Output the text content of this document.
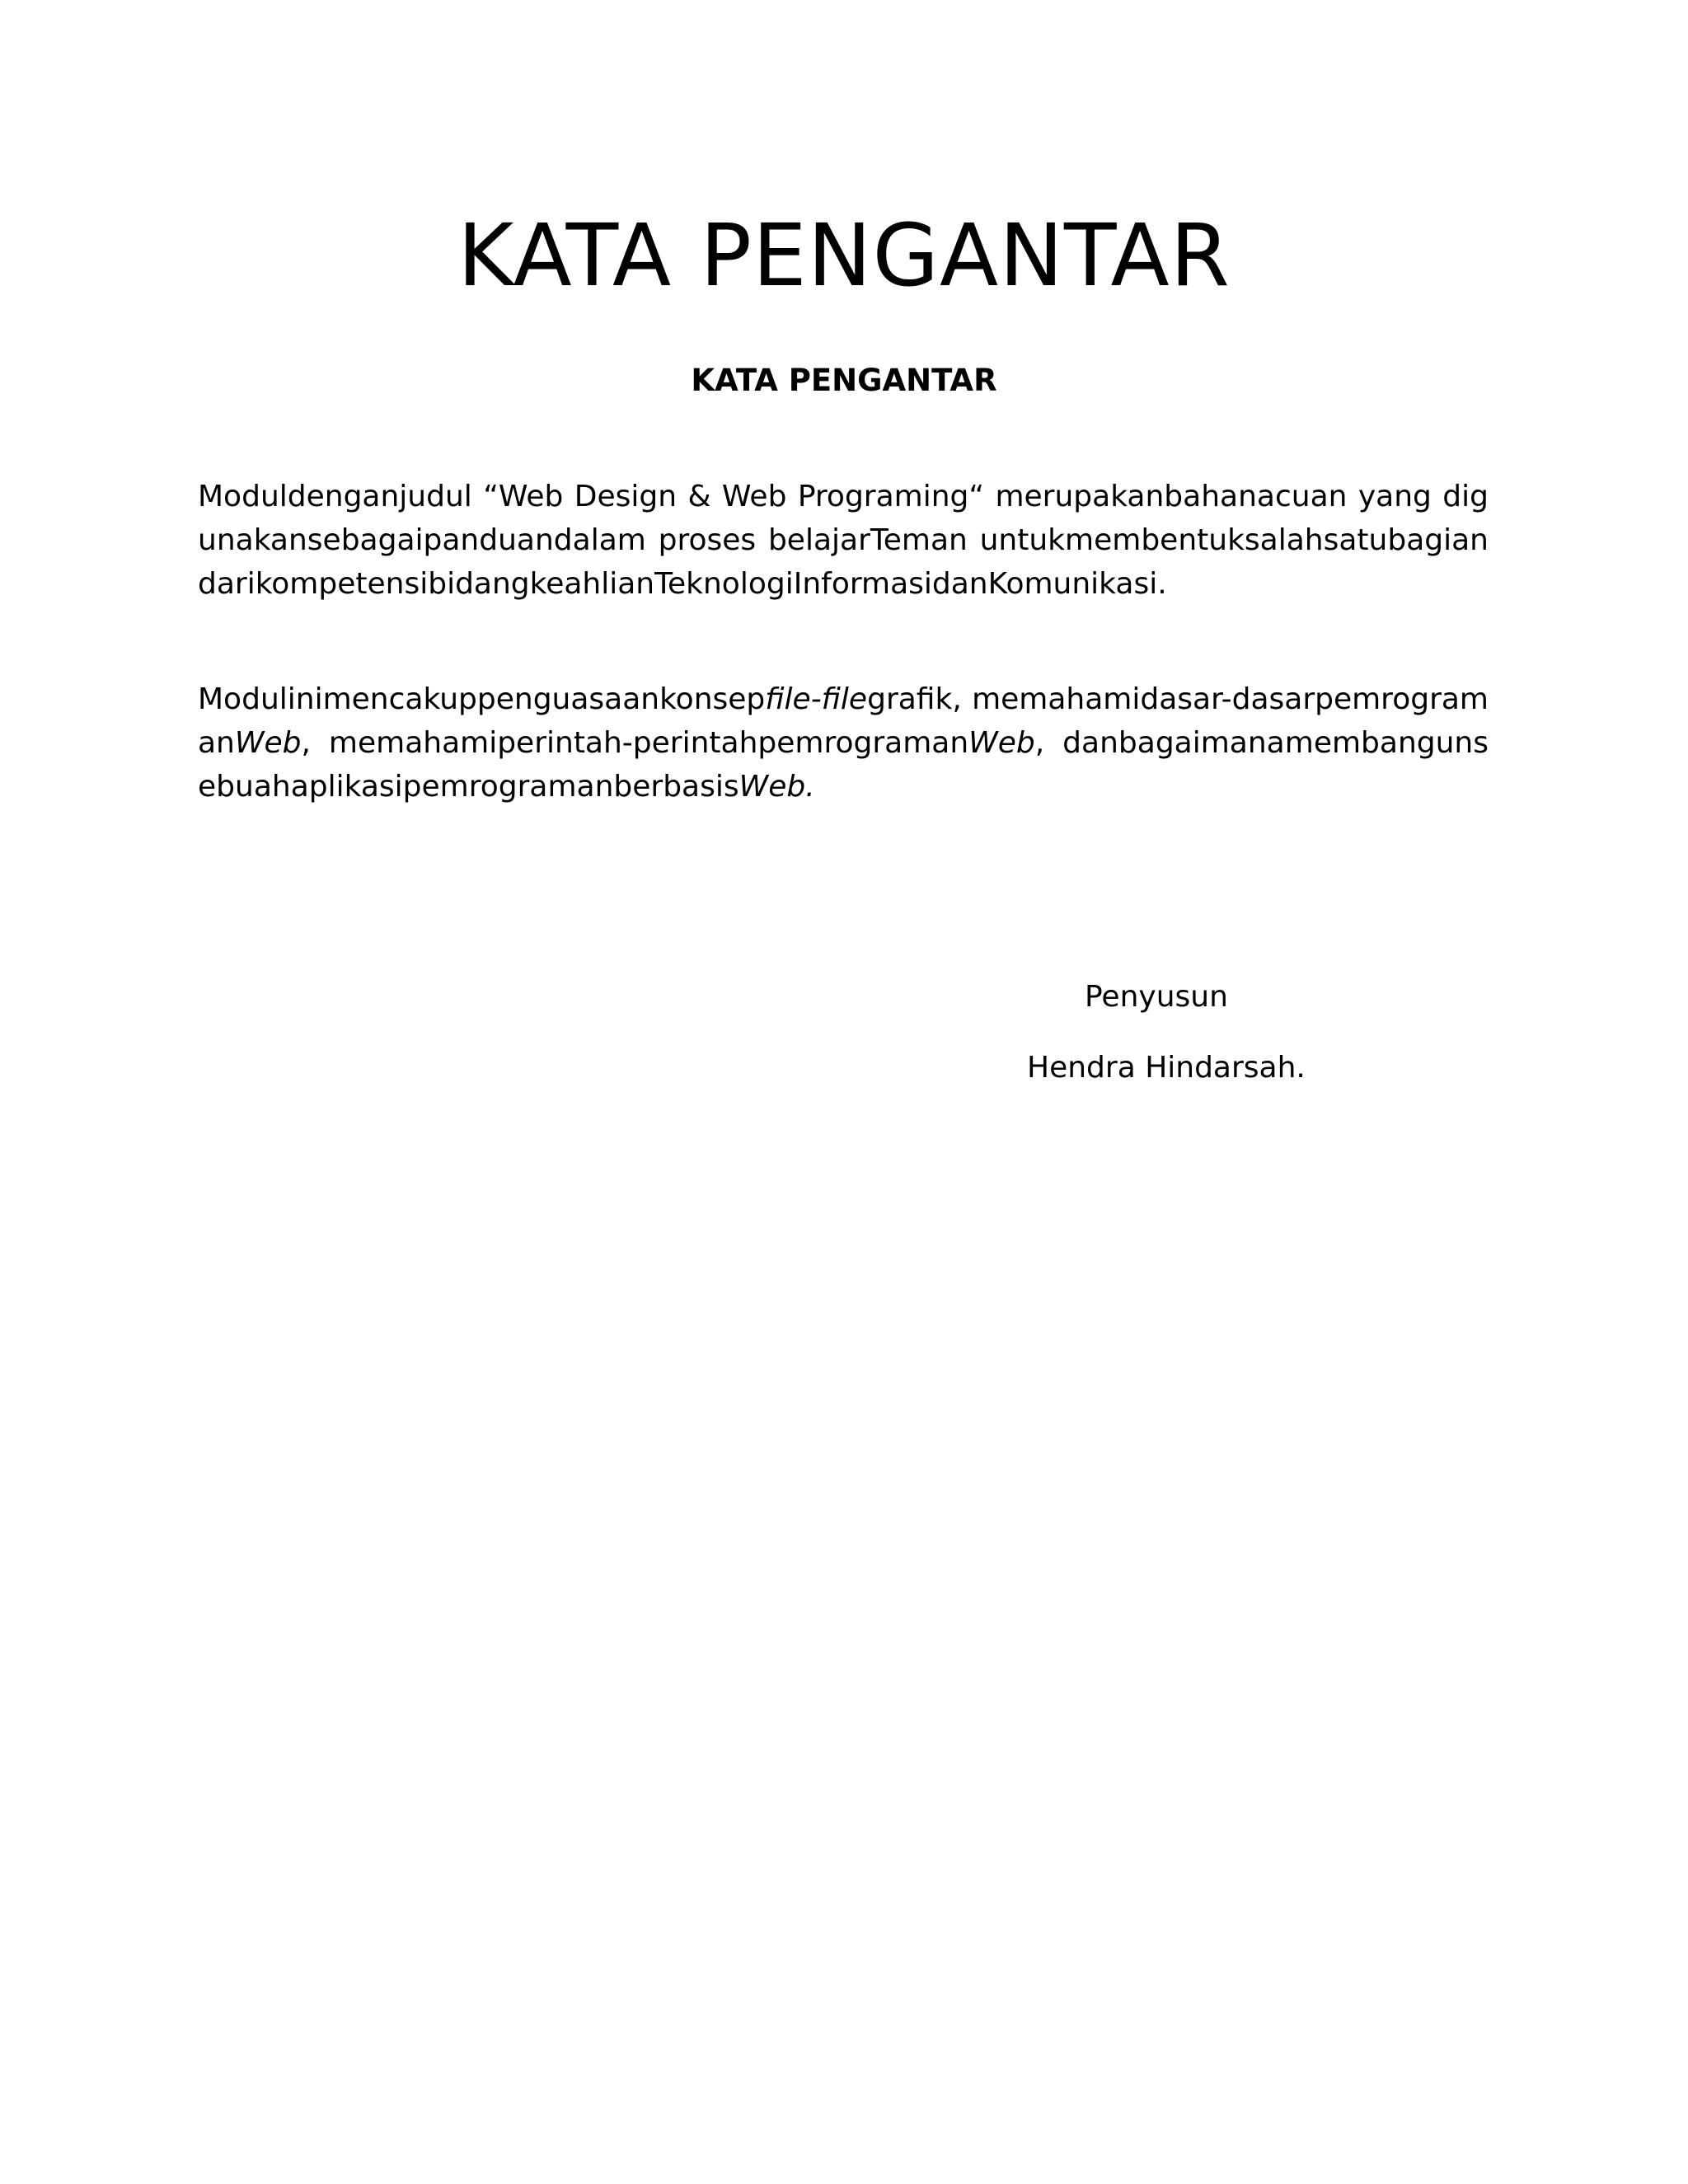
KATA PENGANTAR
KATA PENGANTAR

Moduldenganjudul “Web Design & Web Programing“ merupakanbahanacuan yang digunakansebagaipanduandalam proses belajarTeman untukmembentuksalahsatubagiandarikompetensibidangkeahlianTeknologiInformasidanKomunikasi.

Modulinimencakuppenguasaankonsepfile-filegrafik, memahamidasar-dasarpemrogramanWeb, memahamiperintah-perintahpemrogramanWeb, danbagaimanamembangunsebuahaplikasipemrogramanberbasisWeb.

Penyusun
Hendra Hindarsah.
